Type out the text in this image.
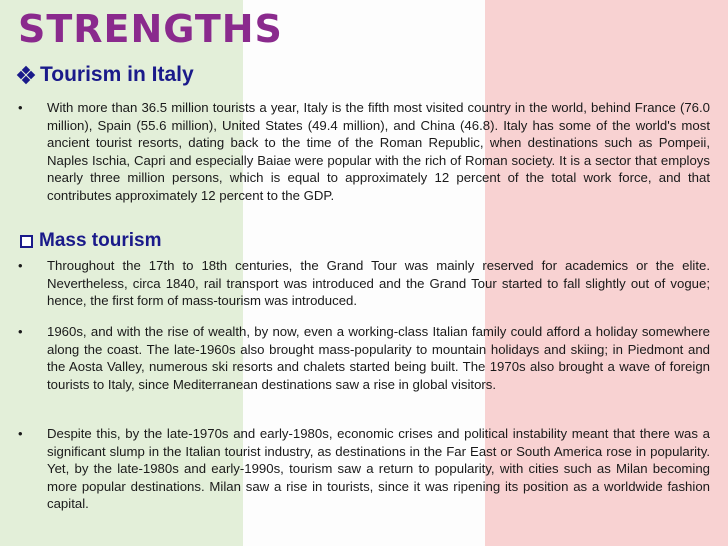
STRENGTHS
Tourism in Italy
• With more than 36.5 million tourists a year, Italy is the fifth most visited country in the world, behind France (76.0 million), Spain (55.6 million), United States (49.4 million), and China (46.8). Italy has some of the world's most ancient tourist resorts, dating back to the time of the Roman Republic, when destinations such as Pompeii, Naples Ischia, Capri and especially Baiae were popular with the rich of Roman society. It is a sector that employs nearly three million persons, which is equal to approximately 12 percent of the total work force, and that contributes approximately 12 percent to the GDP.
Mass tourism
• Throughout the 17th to 18th centuries, the Grand Tour was mainly reserved for academics or the elite. Nevertheless, circa 1840, rail transport was introduced and the Grand Tour started to fall slightly out of vogue; hence, the first form of mass-tourism was introduced.
• 1960s, and with the rise of wealth, by now, even a working-class Italian family could afford a holiday somewhere along the coast. The late-1960s also brought mass-popularity to mountain holidays and skiing; in Piedmont and the Aosta Valley, numerous ski resorts and chalets started being built. The 1970s also brought a wave of foreign tourists to Italy, since Mediterranean destinations saw a rise in global visitors.
• Despite this, by the late-1970s and early-1980s, economic crises and political instability meant that there was a significant slump in the Italian tourist industry, as destinations in the Far East or South America rose in popularity. Yet, by the late-1980s and early-1990s, tourism saw a return to popularity, with cities such as Milan becoming more popular destinations. Milan saw a rise in tourists, since it was ripening its position as a worldwide fashion capital.
